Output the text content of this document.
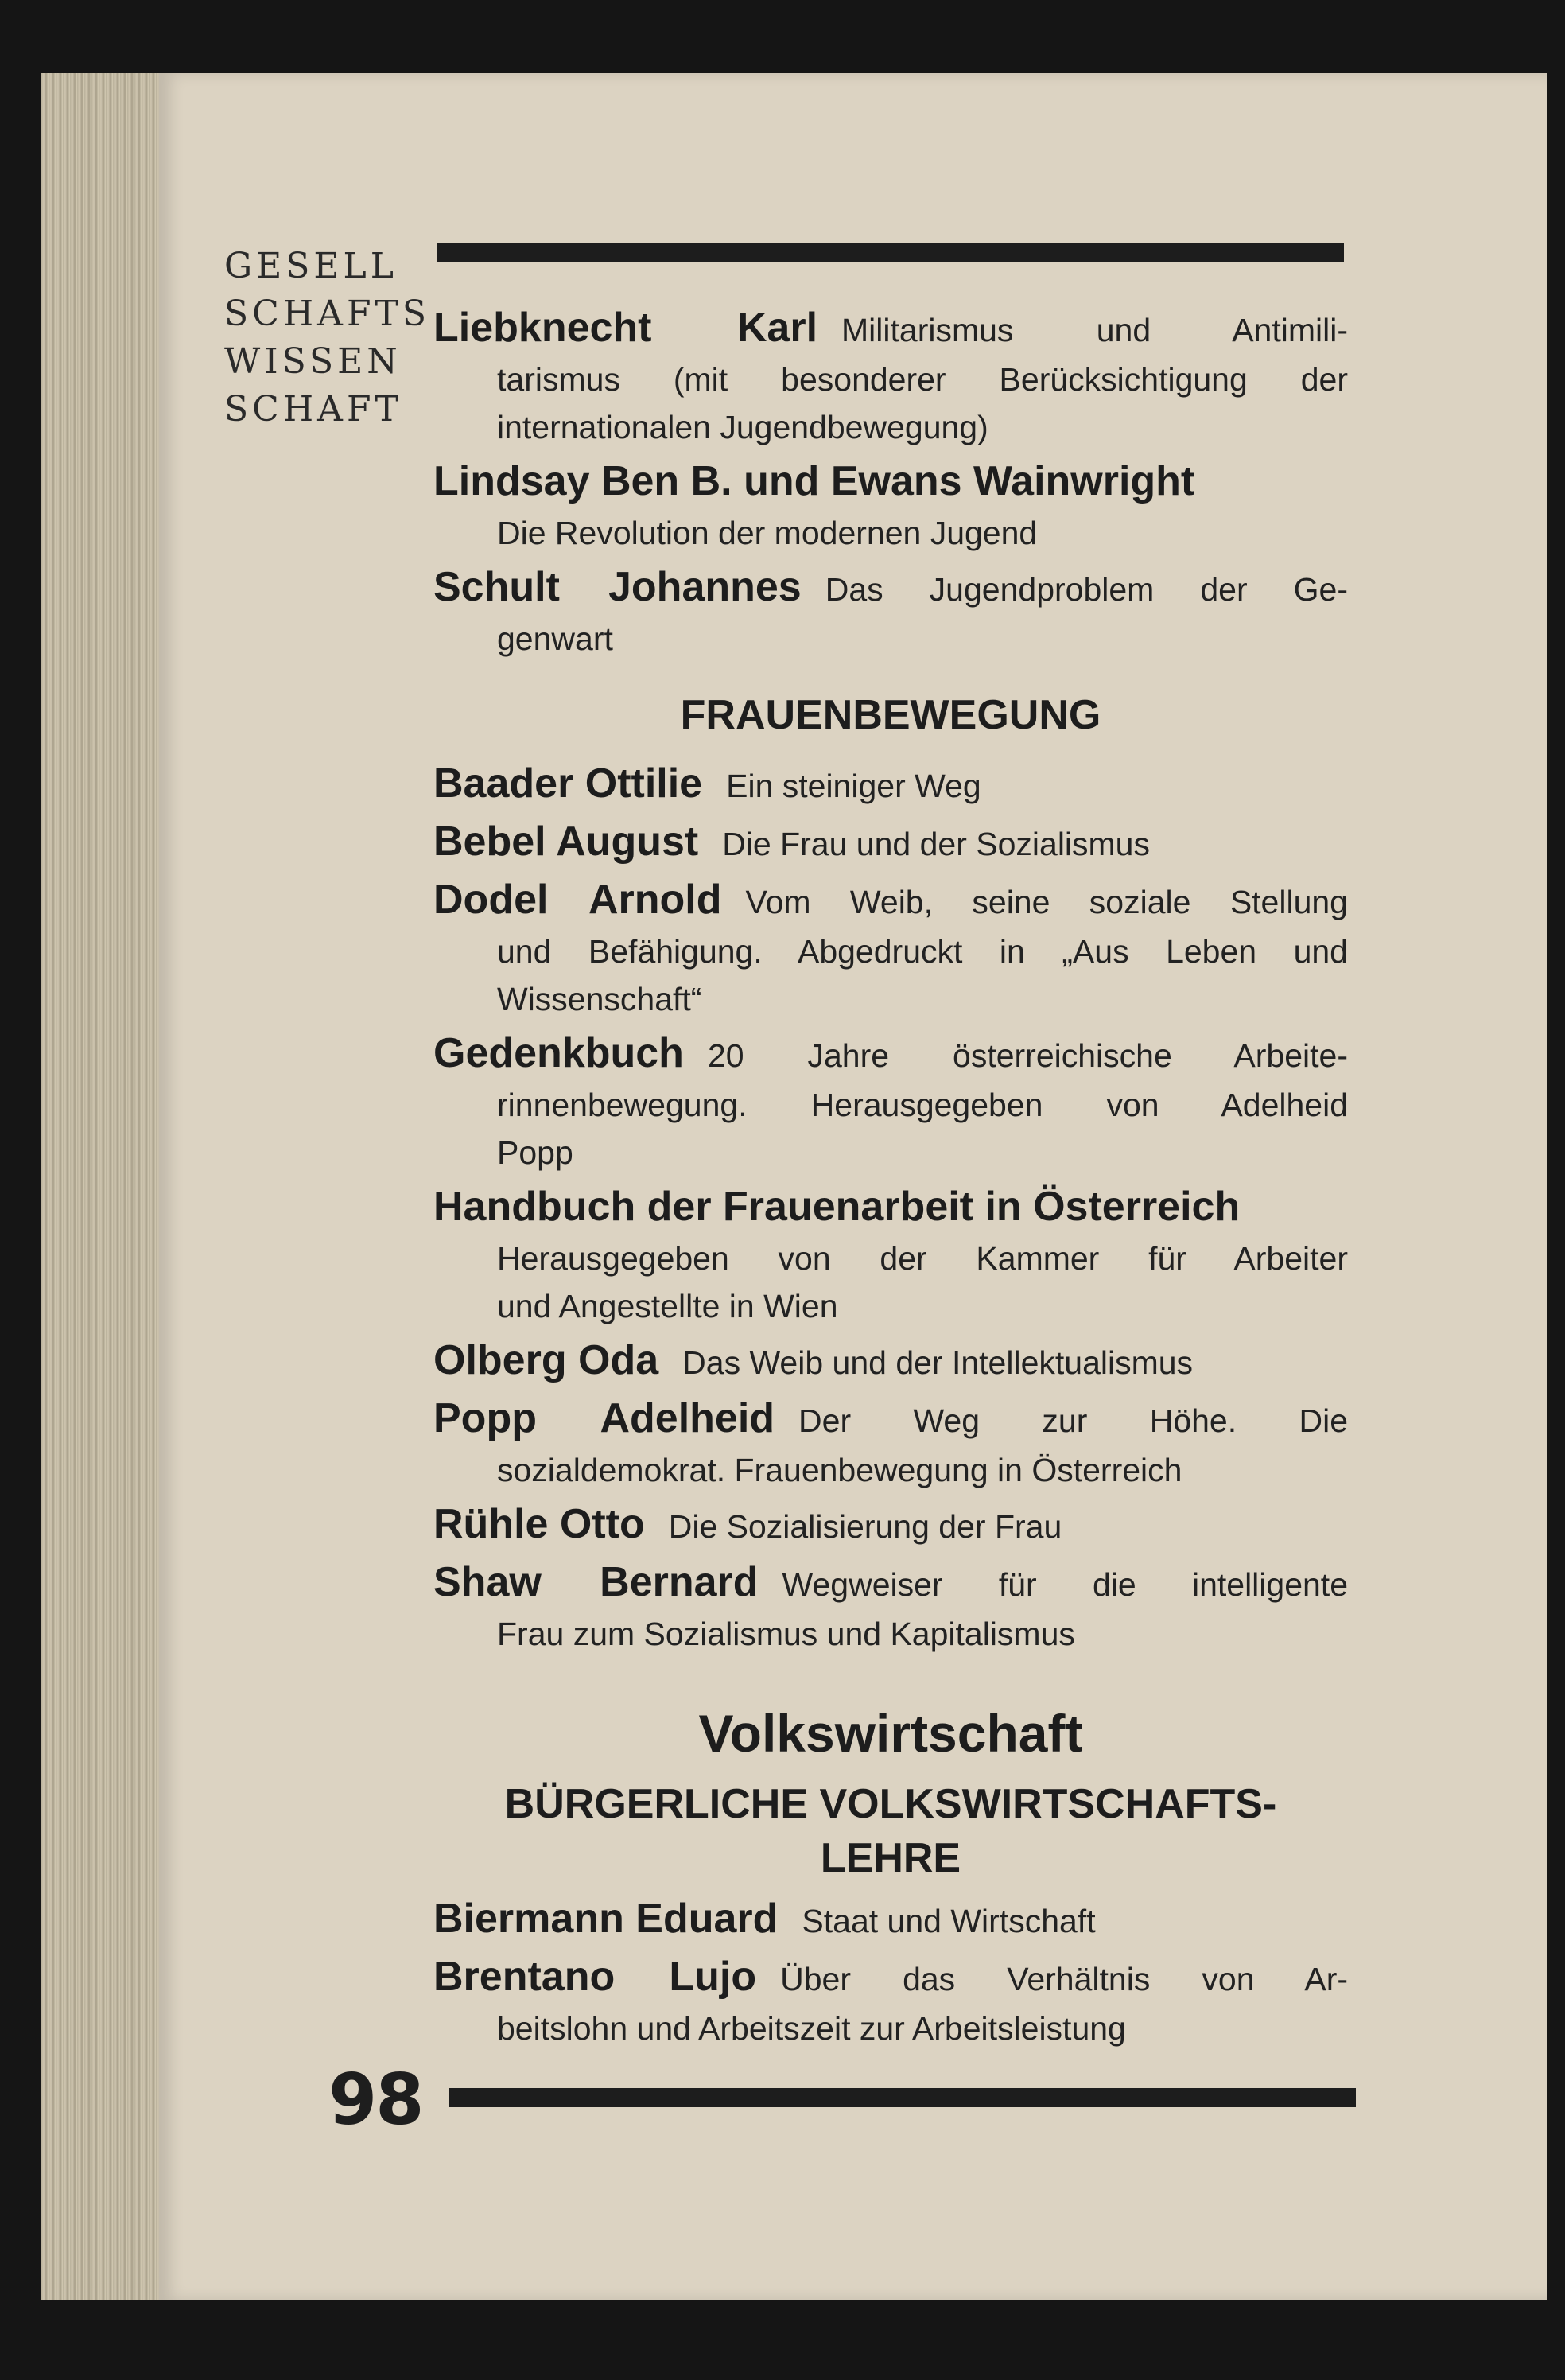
GESELL
SCHAFTS
WISSEN
SCHAFT
Liebknecht Karl Militarismus und Antimili-
tarismus (mit besonderer Berücksichtigung der
internationalen Jugendbewegung)
Lindsay Ben B. und Ewans Wainwright
Die Revolution der modernen Jugend
Schult Johannes Das Jugendproblem der Ge-
genwart
FRAUENBEWEGUNG
Baader Ottilie Ein steiniger Weg
Bebel August Die Frau und der Sozialismus
Dodel Arnold Vom Weib, seine soziale Stellung
und Befähigung. Abgedruckt in „Aus Leben und
Wissenschaft“
Gedenkbuch 20 Jahre österreichische Arbeite-
rinnenbewegung. Herausgegeben von Adelheid
Popp
Handbuch der Frauenarbeit in Österreich
Herausgegeben von der Kammer für Arbeiter
und Angestellte in Wien
Olberg Oda Das Weib und der Intellektualismus
Popp Adelheid Der Weg zur Höhe. Die
sozialdemokrat. Frauenbewegung in Österreich
Rühle Otto Die Sozialisierung der Frau
Shaw Bernard Wegweiser für die intelligente
Frau zum Sozialismus und Kapitalismus
Volkswirtschaft
BÜRGERLICHE VOLKSWIRTSCHAFTS-
LEHRE
Biermann Eduard Staat und Wirtschaft
Brentano Lujo Über das Verhältnis von Ar-
beitslohn und Arbeitszeit zur Arbeitsleistung
98
